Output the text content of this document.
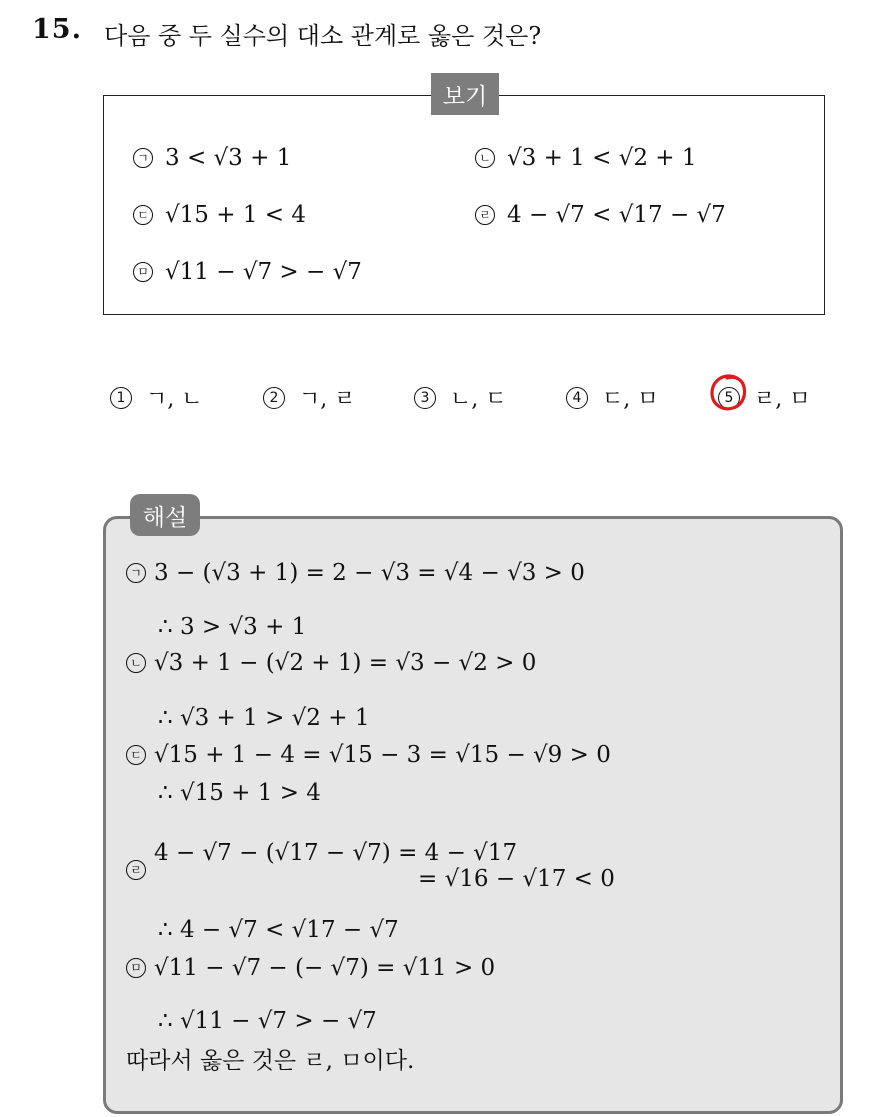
15. 다음 중 두 실수의 대소 관계로 옳은 것은?
보기
ㄱ 3 < √3 + 1	ㄴ √3 + 1 < √2 + 1
ㄷ √15 + 1 < 4	ㄹ 4 − √7 < √17 − √7
ㅁ √11 − √7 > − √7
1 ㄱ, ㄴ	2 ㄱ, ㄹ	3 ㄴ, ㄷ	4 ㄷ, ㅁ	5 ㄹ, ㅁ
해설
ㄱ 3 − (√3 + 1) = 2 − √3 = √4 − √3 > 0
∴ 3 > √3 + 1
ㄴ √3 + 1 − (√2 + 1) = √3 − √2 > 0
∴ √3 + 1 > √2 + 1
ㄷ √15 + 1 − 4 = √15 − 3 = √15 − √9 > 0
∴ √15 + 1 > 4
ㄹ
4 − √7 − (√17 − √7) = 4 − √17
= √16 − √17 < 0
∴ 4 − √7 < √17 − √7
ㅁ √11 − √7 − (− √7) = √11 > 0
∴ √11 − √7 > − √7
따라서 옳은 것은 ㄹ, ㅁ이다.
